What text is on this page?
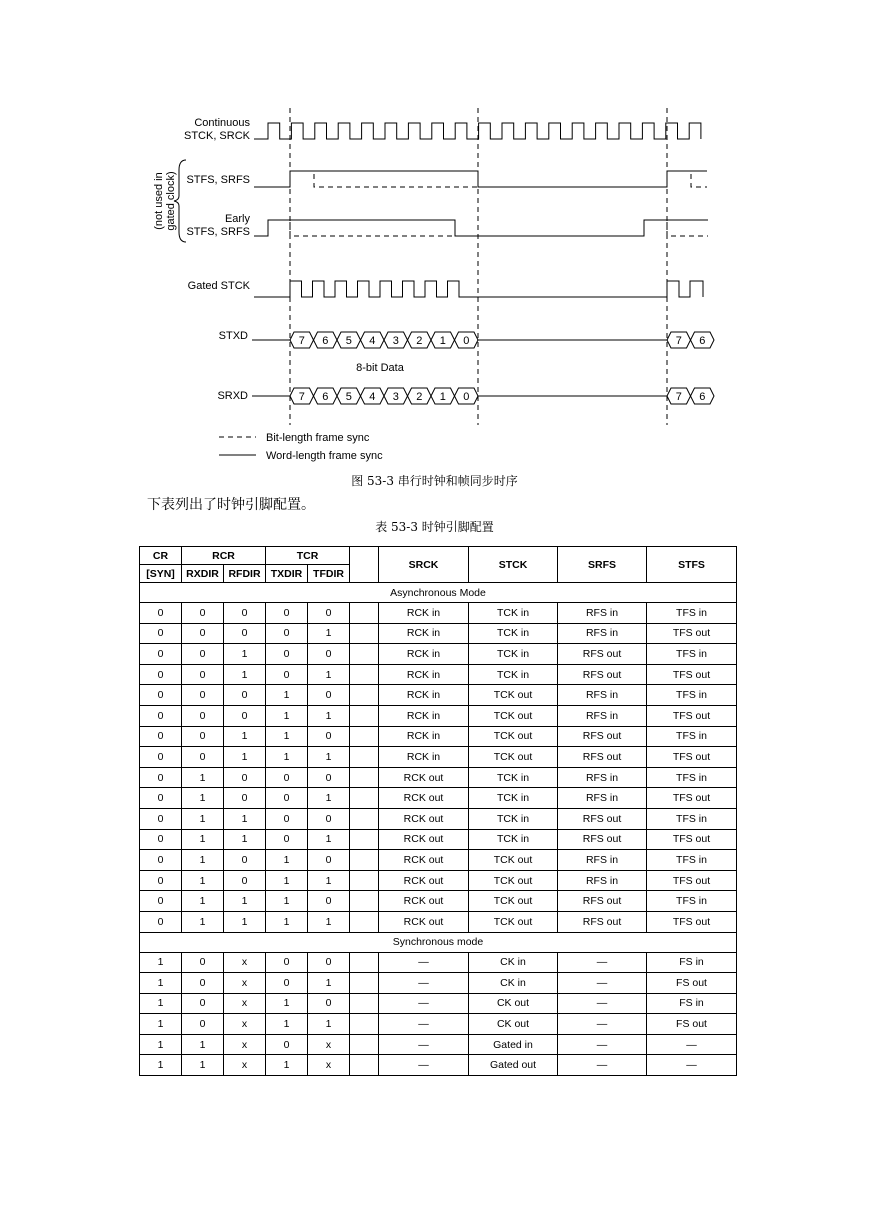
Continuous
STCK, SRCK
STFS, SRFS
Early
STFS, SRFS
Gated STCK
STXD
SRXD
8-bit Data
(not used in gated clock)
7 6 5 4 3 2 1 0	7 6
7 6 5 4 3 2 1 0	7 6
Bit-length frame sync
Word-length frame sync
图 53-3 串行时钟和帧同步时序
下表列出了时钟引脚配置。
表 53-3 时钟引脚配置
CR	RCR		TCR			SRCK	STCK	SRFS	STFS
[SYN]	RXDIR	RFDIR	TXDIR	TFDIR					
Asynchronous Mode									
0	0	0	0	0		RCK in	TCK in	RFS in	TFS in
0	0	0	0	1		RCK in	TCK in	RFS in	TFS out
0	0	1	0	0		RCK in	TCK in	RFS out	TFS in
0	0	1	0	1		RCK in	TCK in	RFS out	TFS out
0	0	0	1	0		RCK in	TCK out	RFS in	TFS in
0	0	0	1	1		RCK in	TCK out	RFS in	TFS out
0	0	1	1	0		RCK in	TCK out	RFS out	TFS in
0	0	1	1	1		RCK in	TCK out	RFS out	TFS out
0	1	0	0	0		RCK out	TCK in	RFS in	TFS in
0	1	0	0	1		RCK out	TCK in	RFS in	TFS out
0	1	1	0	0		RCK out	TCK in	RFS out	TFS in
0	1	1	0	1		RCK out	TCK in	RFS out	TFS out
0	1	0	1	0		RCK out	TCK out	RFS in	TFS in
0	1	0	1	1		RCK out	TCK out	RFS in	TFS out
0	1	1	1	0		RCK out	TCK out	RFS out	TFS in
0	1	1	1	1		RCK out	TCK out	RFS out	TFS out
Synchronous mode									
1	0	x	0	0		—	CK in	—	FS in
1	0	x	0	1		—	CK in	—	FS out
1	0	x	1	0		—	CK out	—	FS in
1	0	x	1	1		—	CK out	—	FS out
1	1	x	0	x		—	Gated in	—	—
1	1	x	1	x		—	Gated out	—	—
